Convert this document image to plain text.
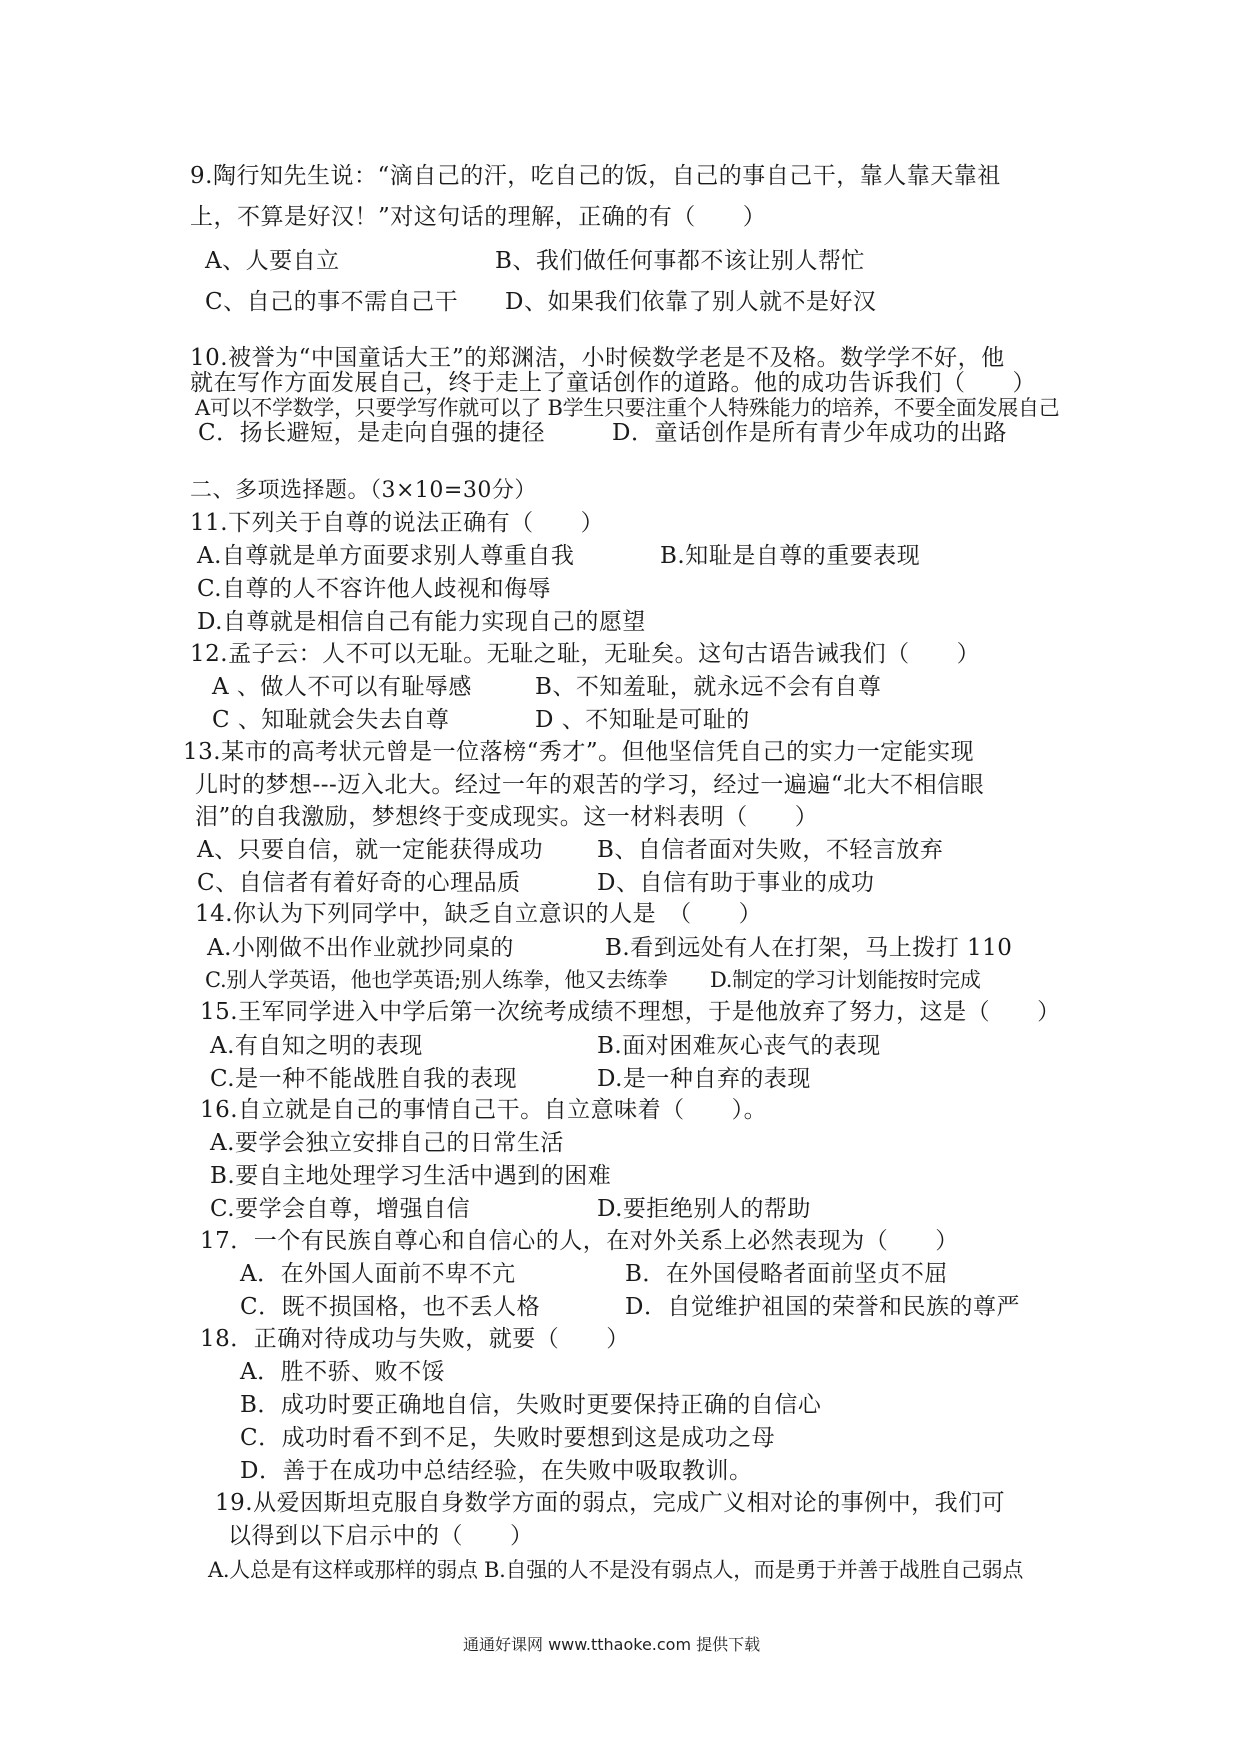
9.陶行知先生说：“滴自己的汗，吃自己的饭，自己的事自己干，靠人靠天靠祖
上，不算是好汉！”对这句话的理解，正确的有（　　）
A、人要自立	B、我们做任何事都不该让别人帮忙
C、自己的事不需自己干 D、如果我们依靠了别人就不是好汉
10.被誉为“中国童话大王”的郑渊洁，小时候数学老是不及格。数学学不好，他
就在写作方面发展自己，终于走上了童话创作的道路。他的成功告诉我们（　　）
A可以不学数学，只要学写作就可以了 B学生只要注重个人特殊能力的培养，不要全面发展自己
C．扬长避短，是走向自强的捷径	D．童话创作是所有青少年成功的出路
二、多项选择题。（3×10=30分）
11.下列关于自尊的说法正确有（　　）
A.自尊就是单方面要求别人尊重自我	B.知耻是自尊的重要表现
C.自尊的人不容许他人歧视和侮辱
D.自尊就是相信自己有能力实现自己的愿望
12.孟子云：人不可以无耻。无耻之耻，无耻矣。这句古语告诫我们（　　）
A 、做人不可以有耻辱感	B、不知羞耻，就永远不会有自尊
C 、知耻就会失去自尊	D 、不知耻是可耻的
13.某市的高考状元曾是一位落榜“秀才”。但他坚信凭自己的实力一定能实现
儿时的梦想---迈入北大。经过一年的艰苦的学习，经过一遍遍“北大不相信眼
泪”的自我激励，梦想终于变成现实。这一材料表明（　　）
A、只要自信，就一定能获得成功 B、自信者面对失败，不轻言放弃
C、自信者有着好奇的心理品质	D、自信有助于事业的成功
14.你认为下列同学中，缺乏自立意识的人是　（　　）
A.小刚做不出作业就抄同桌的	B.看到远处有人在打架，马上拨打 110
C.别人学英语，他也学英语;别人练拳，他又去练拳 D.制定的学习计划能按时完成
15.王军同学进入中学后第一次统考成绩不理想，于是他放弃了努力，这是（　　）
A.有自知之明的表现	B.面对困难灰心丧气的表现
C.是一种不能战胜自我的表现	D.是一种自弃的表现
16.自立就是自己的事情自己干。自立意味着（　　）。
A.要学会独立安排自己的日常生活
B.要自主地处理学习生活中遇到的困难
C.要学会自尊，增强自信	D.要拒绝别人的帮助
17．一个有民族自尊心和自信心的人，在对外关系上必然表现为（　　）
A．在外国人面前不卑不亢	B．在外国侵略者面前坚贞不屈
C．既不损国格，也不丢人格	D．自觉维护祖国的荣誉和民族的尊严
18．正确对待成功与失败，就要（　　）
A．胜不骄、败不馁
B．成功时要正确地自信，失败时更要保持正确的自信心
C．成功时看不到不足，失败时要想到这是成功之母
D．善于在成功中总结经验，在失败中吸取教训。
19.从爱因斯坦克服自身数学方面的弱点，完成广义相对论的事例中，我们可
以得到以下启示中的（　　）
A.人总是有这样或那样的弱点 B.自强的人不是没有弱点人，而是勇于并善于战胜自己弱点
通通好课网 www.tthaoke.com 提供下载
